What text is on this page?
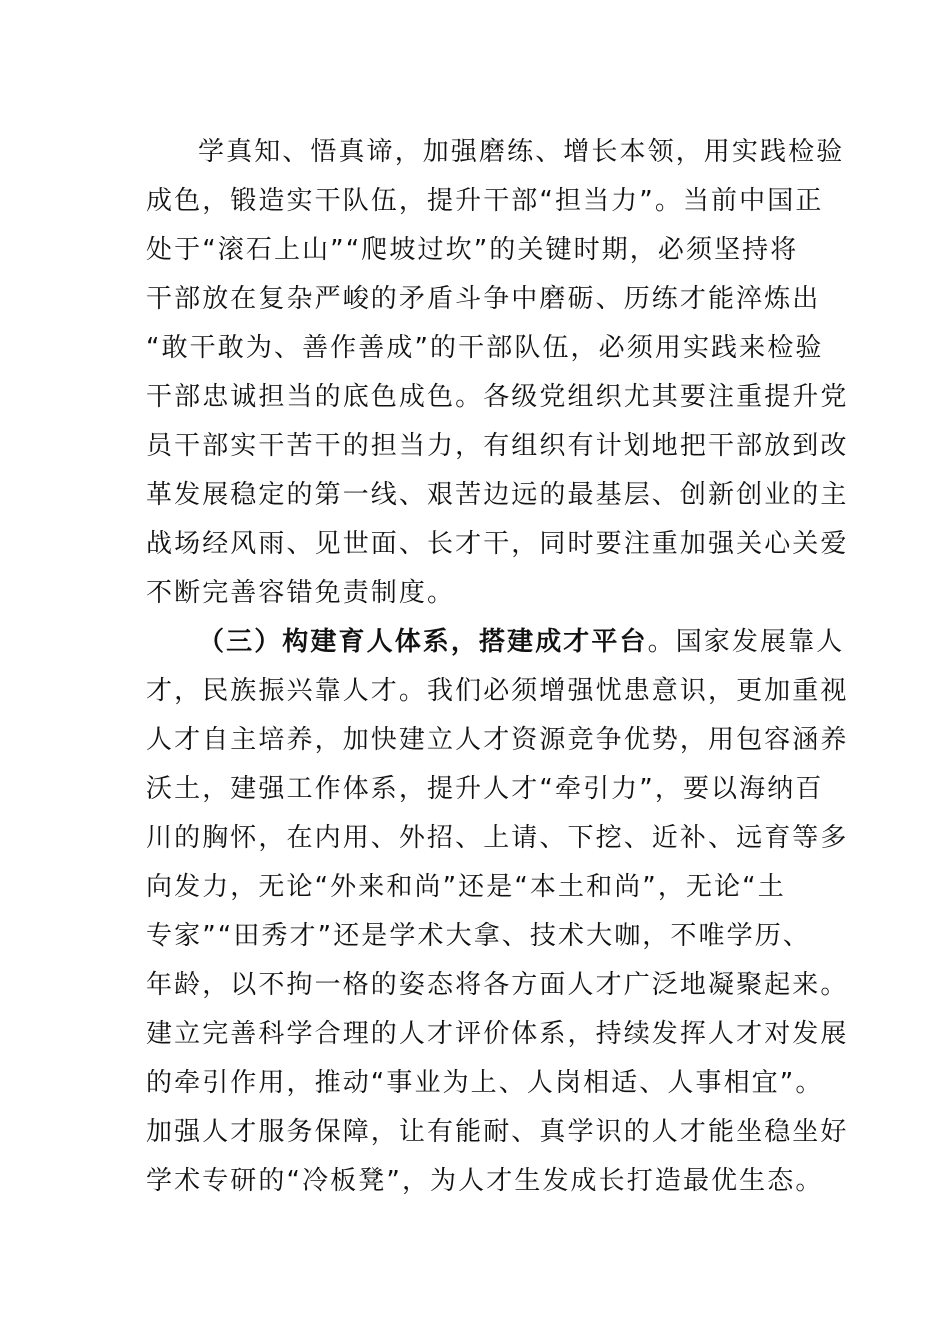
学真知、悟真谛，加强磨练、增长本领，用实践检验
成色，锻造实干队伍，提升干部“担当力”。当前中国正
处于“滚石上山”“爬坡过坎”的关键时期，必须坚持将
干部放在复杂严峻的矛盾斗争中磨砺、历练才能淬炼出
“敢干敢为、善作善成”的干部队伍，必须用实践来检验
干部忠诚担当的底色成色。各级党组织尤其要注重提升党
员干部实干苦干的担当力，有组织有计划地把干部放到改
革发展稳定的第一线、艰苦边远的最基层、创新创业的主
战场经风雨、见世面、长才干，同时要注重加强关心关爱
不断完善容错免责制度。
（三）构建育人体系，搭建成才平台。国家发展靠人
才，民族振兴靠人才。我们必须增强忧患意识，更加重视
人才自主培养，加快建立人才资源竞争优势，用包容涵养
沃土，建强工作体系，提升人才“牵引力”，要以海纳百
川的胸怀，在内用、外招、上请、下挖、近补、远育等多
向发力，无论“外来和尚”还是“本土和尚”，无论“土
专家”“田秀才”还是学术大拿、技术大咖，不唯学历、
年龄，以不拘一格的姿态将各方面人才广泛地凝聚起来。
建立完善科学合理的人才评价体系，持续发挥人才对发展
的牵引作用，推动“事业为上、人岗相适、人事相宜”。
加强人才服务保障，让有能耐、真学识的人才能坐稳坐好
学术专研的“冷板凳”，为人才生发成长打造最优生态。
